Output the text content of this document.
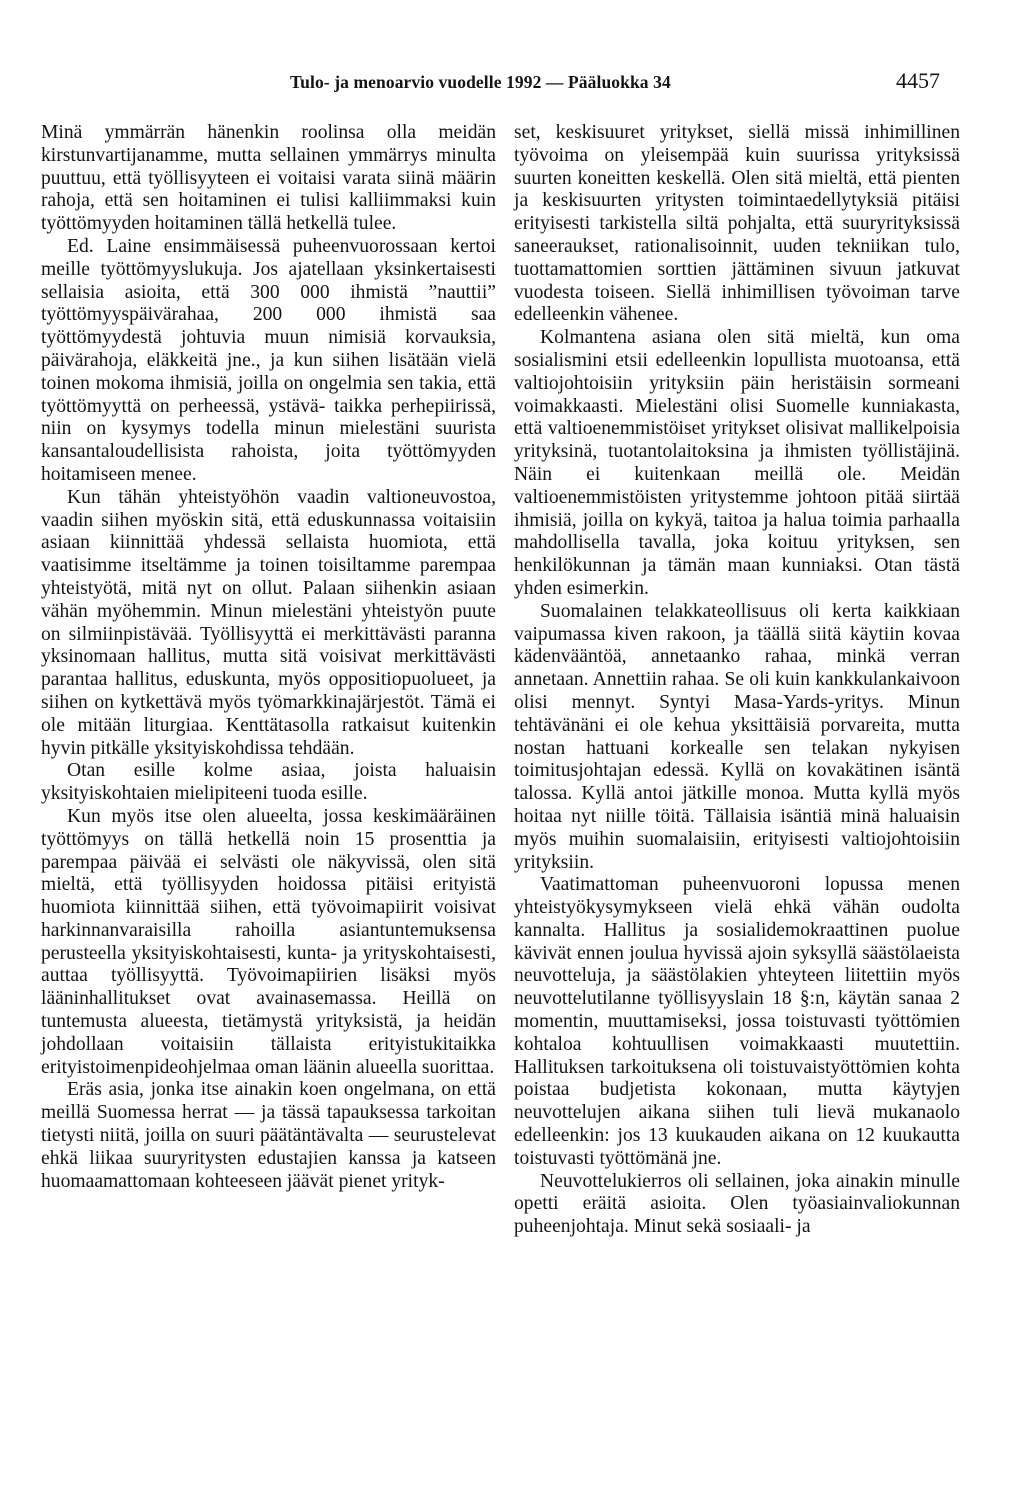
Tulo- ja menoarvio vuodelle 1992 — Pääluokka 34	4457

Minä ymmärrän hänenkin roolinsa olla meidän kirstunvartijanamme, mutta sellainen ymmärrys minulta puuttuu, että työllisyyteen ei voitaisi varata siinä määrin rahoja, että sen hoitaminen ei tulisi kalliimmaksi kuin työttömyyden hoitaminen tällä hetkellä tulee.

Ed. Laine ensimmäisessä puheenvuorossaan kertoi meille työttömyyslukuja. Jos ajatellaan yksinkertaisesti sellaisia asioita, että 300 000 ihmistä ”nauttii” työttömyyspäivärahaa, 200 000 ihmistä saa työttömyydestä johtuvia muun nimisiä korvauksia, päivärahoja, eläkkeitä jne., ja kun siihen lisätään vielä toinen mokoma ihmisiä, joilla on ongelmia sen takia, että työttömyyttä on perheessä, ystävä- taikka perhepiirissä, niin on kysymys todella minun mielestäni suurista kansantaloudellisista rahoista, joita työttömyyden hoitamiseen menee.

Kun tähän yhteistyöhön vaadin valtioneuvostoa, vaadin siihen myöskin sitä, että eduskunnassa voitaisiin asiaan kiinnittää yhdessä sellaista huomiota, että vaatisimme itseltämme ja toinen toisiltamme parempaa yhteistyötä, mitä nyt on ollut. Palaan siihenkin asiaan vähän myöhemmin. Minun mielestäni yhteistyön puute on silmiinpistävää. Työllisyyttä ei merkittävästi paranna yksinomaan hallitus, mutta sitä voisivat merkittävästi parantaa hallitus, eduskunta, myös oppositiopuolueet, ja siihen on kytkettävä myös työmarkkinajärjestöt. Tämä ei ole mitään liturgiaa. Kenttätasolla ratkaisut kuitenkin hyvin pitkälle yksityiskohdissa tehdään.

Otan esille kolme asiaa, joista haluaisin yksityiskohtaien mielipiteeni tuoda esille.

Kun myös itse olen alueelta, jossa keskimääräinen työttömyys on tällä hetkellä noin 15 prosenttia ja parempaa päivää ei selvästi ole näkyvissä, olen sitä mieltä, että työllisyyden hoidossa pitäisi erityistä huomiota kiinnittää siihen, että työvoimapiirit voisivat harkinnanvaraisilla rahoilla asiantuntemuksensa perusteella yksityiskohtaisesti, kunta- ja yrityskohtaisesti, auttaa työllisyyttä. Työvoimapiirien lisäksi myös lääninhallitukset ovat avainasemassa. Heillä on tuntemusta alueesta, tietämystä yrityksistä, ja heidän johdollaan voitaisiin tällaista erityistukitaikka erityistoimenpideohjelmaa oman läänin alueella suorittaa.

Eräs asia, jonka itse ainakin koen ongelmana, on että meillä Suomessa herrat — ja tässä tapauksessa tarkoitan tietysti niitä, joilla on suuri päätäntävalta — seurustelevat ehkä liikaa suuryritysten edustajien kanssa ja katseen huomaamattomaan kohteeseen jäävät pienet yrityk-

set, keskisuuret yritykset, siellä missä inhimillinen työvoima on yleisempää kuin suurissa yrityksissä suurten koneitten keskellä. Olen sitä mieltä, että pienten ja keskisuurten yritysten toimintaedellytyksiä pitäisi erityisesti tarkistella siltä pohjalta, että suuryrityksissä saneeraukset, rationalisoinnit, uuden tekniikan tulo, tuottamattomien sorttien jättäminen sivuun jatkuvat vuodesta toiseen. Siellä inhimillisen työvoiman tarve edelleenkin vähenee.

Kolmantena asiana olen sitä mieltä, kun oma sosialismini etsii edelleenkin lopullista muotoansa, että valtiojohtoisiin yrityksiin päin heristäisin sormeani voimakkaasti. Mielestäni olisi Suomelle kunniakasta, että valtioenemmistöiset yritykset olisivat mallikelpoisia yrityksinä, tuotantolaitoksina ja ihmisten työllistäjinä. Näin ei kuitenkaan meillä ole. Meidän valtioenemmistöisten yritystemme johtoon pitää siirtää ihmisiä, joilla on kykyä, taitoa ja halua toimia parhaalla mahdollisella tavalla, joka koituu yrityksen, sen henkilökunnan ja tämän maan kunniaksi. Otan tästä yhden esimerkin.

Suomalainen telakkateollisuus oli kerta kaikkiaan vaipumassa kiven rakoon, ja täällä siitä käytiin kovaa kädenvääntöä, annetaanko rahaa, minkä verran annetaan. Annettiin rahaa. Se oli kuin kankkulankaivoon olisi mennyt. Syntyi Masa-Yards-yritys. Minun tehtävänäni ei ole kehua yksittäisiä porvareita, mutta nostan hattuani korkealle sen telakan nykyisen toimitusjohtajan edessä. Kyllä on kovakätinen isäntä talossa. Kyllä antoi jätkille monoa. Mutta kyllä myös hoitaa nyt niille töitä. Tällaisia isäntiä minä haluaisin myös muihin suomalaisiin, erityisesti valtiojohtoisiin yrityksiin.

Vaatimattoman puheenvuoroni lopussa menen yhteistyökysymykseen vielä ehkä vähän oudolta kannalta. Hallitus ja sosialidemokraattinen puolue kävivät ennen joulua hyvissä ajoin syksyllä säästölaeista neuvotteluja, ja säästölakien yhteyteen liitettiin myös neuvottelutilanne työllisyyslain 18 §:n, käytän sanaa 2 momentin, muuttamiseksi, jossa toistuvasti työttömien kohtaloa kohtuullisen voimakkaasti muutettiin. Hallituksen tarkoituksena oli toistuvaistyöttömien kohta poistaa budjetista kokonaan, mutta käytyjen neuvottelujen aikana siihen tuli lievä mukanaolo edelleenkin: jos 13 kuukauden aikana on 12 kuukautta toistuvasti työttömänä jne.

Neuvottelukierros oli sellainen, joka ainakin minulle opetti eräitä asioita. Olen työasiainvaliokunnan puheenjohtaja. Minut sekä sosiaali- ja
